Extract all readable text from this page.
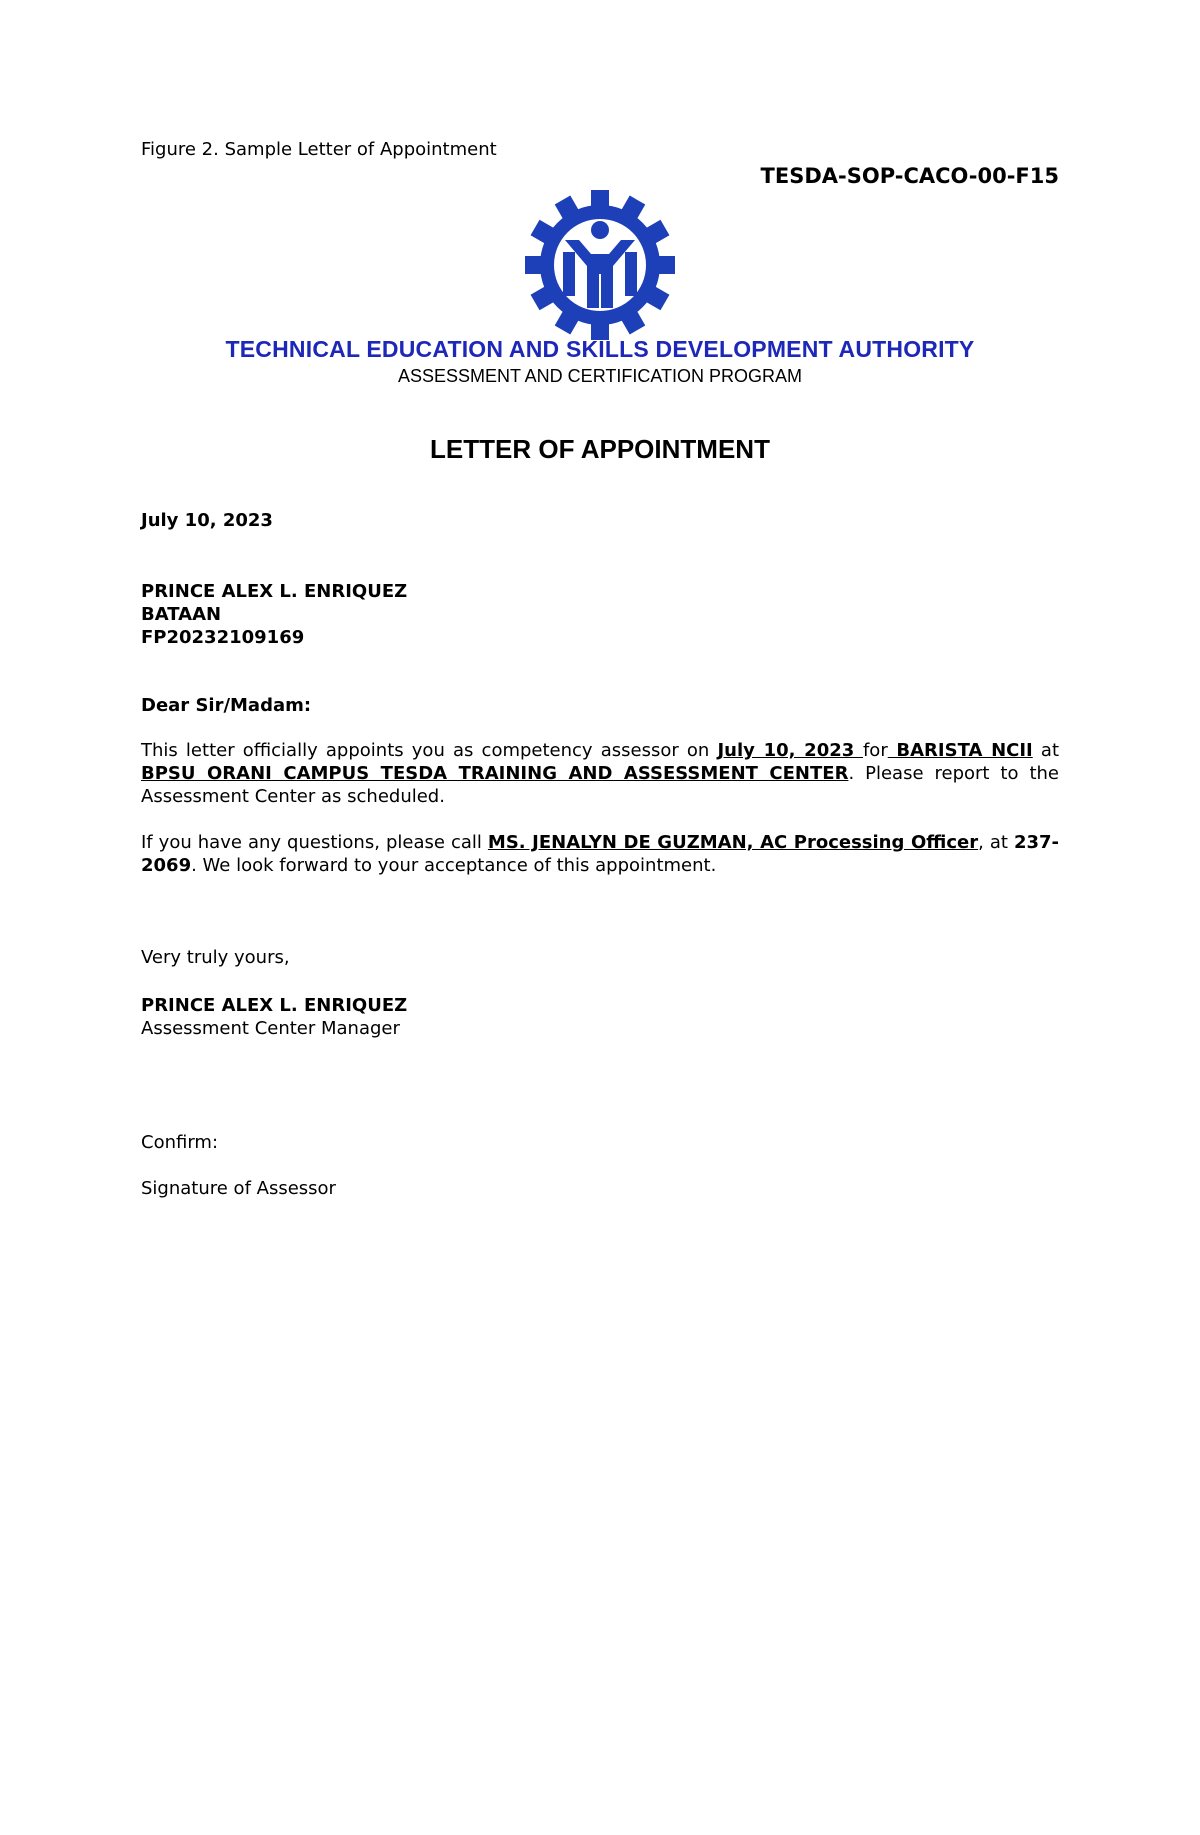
Figure 2. Sample Letter of Appointment

TESDA-SOP-CACO-00-F15

TECHNICAL EDUCATION AND SKILLS DEVELOPMENT AUTHORITY

ASSESSMENT AND CERTIFICATION PROGRAM

LETTER OF APPOINTMENT

July 10, 2023

PRINCE ALEX L. ENRIQUEZ
BATAAN
FP20232109169

Dear Sir/Madam:

This letter officially appoints you as competency assessor on July 10, 2023 for BARISTA NCII at BPSU ORANI CAMPUS TESDA TRAINING AND ASSESSMENT CENTER. Please report to the Assessment Center as scheduled.

If you have any questions, please call MS. JENALYN DE GUZMAN, AC Processing Officer, at 237-2069. We look forward to your acceptance of this appointment.

Very truly yours,

PRINCE ALEX L. ENRIQUEZ
Assessment Center Manager

Confirm:

Signature of Assessor
